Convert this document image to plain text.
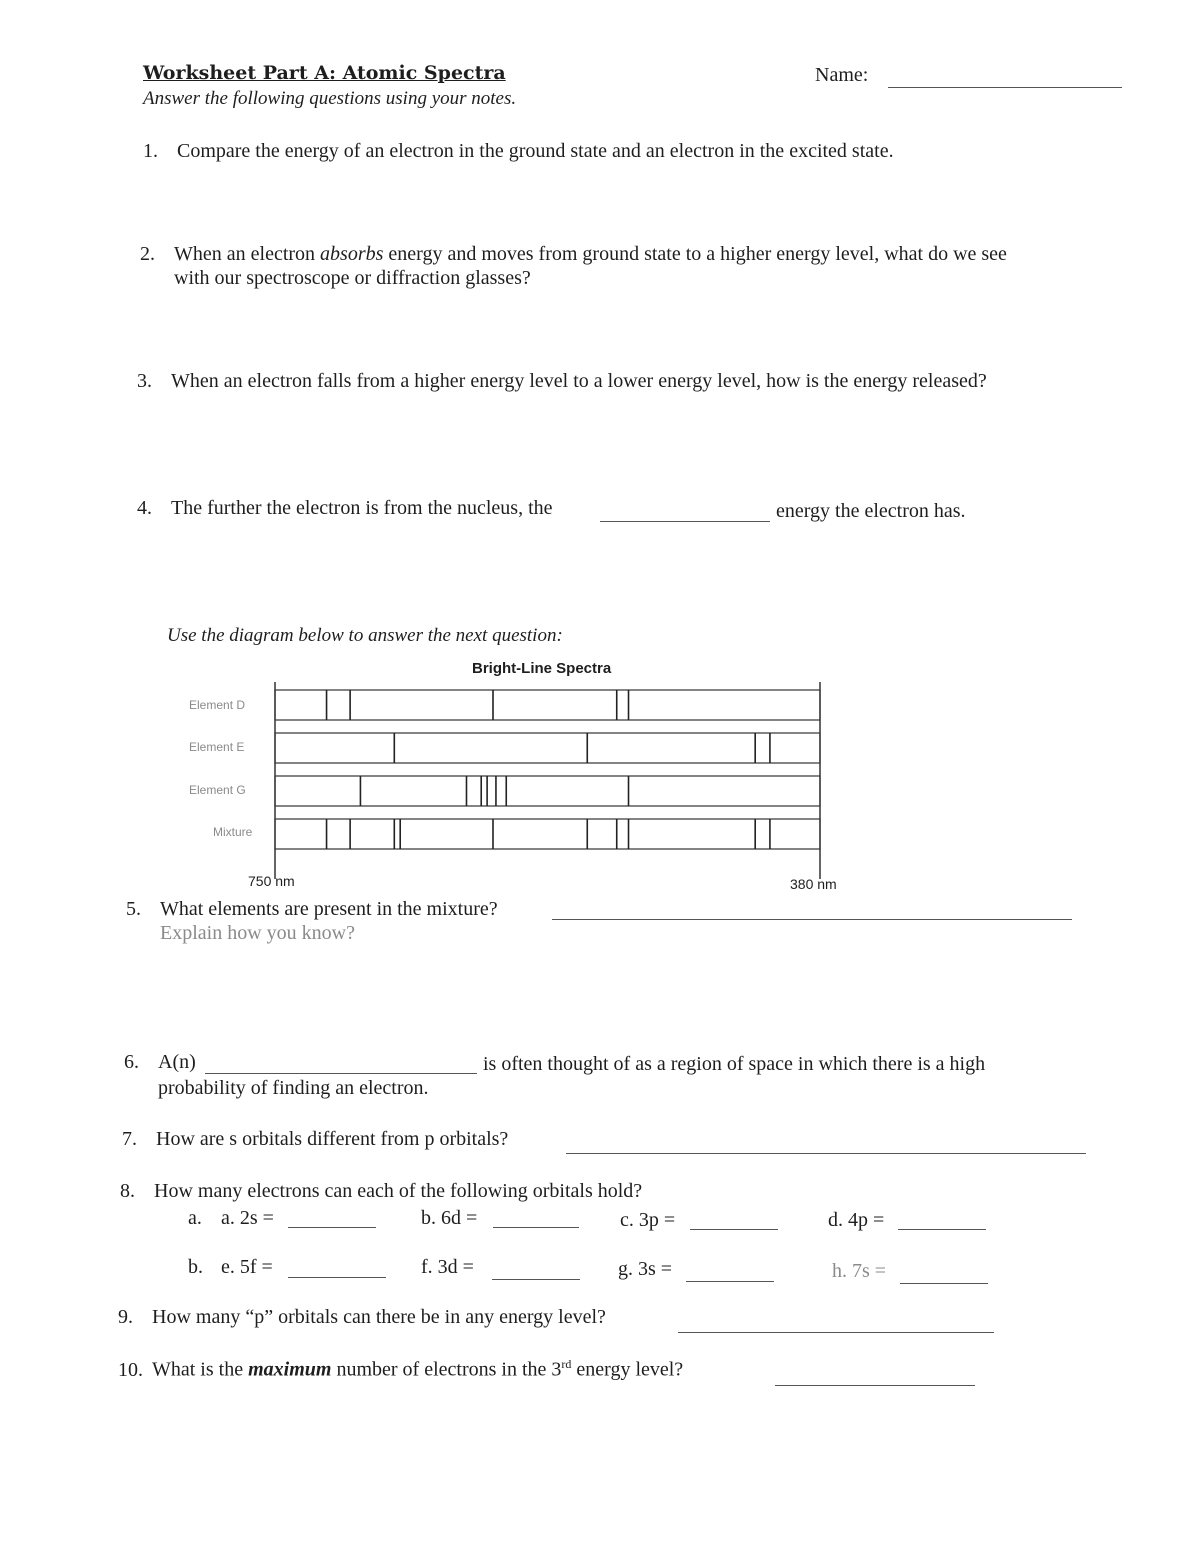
Worksheet Part A: Atomic Spectra
Answer the following questions using your notes.
Name:
1. Compare the energy of an electron in the ground state and an electron in the excited state.
2. When an electron absorbs energy and moves from ground state to a higher energy level, what do we see
with our spectroscope or diffraction glasses?
3. When an electron falls from a higher energy level to a lower energy level, how is the energy released?
4. The further the electron is from the nucleus, the	energy the electron has.
Use the diagram below to answer the next question:
Bright-Line Spectra
Element D
Element E
Element G
Mixture
750 nm	380 nm
5. What elements are present in the mixture?
Explain how you know?
6. A(n)	is often thought of as a region of space in which there is a high
probability of finding an electron.
7. How are s orbitals different from p orbitals?
8. How many electrons can each of the following orbitals hold?
a. a. 2s =	b. 6d =	c. 3p =	d. 4p =
b. e. 5f =	f. 3d =	g. 3s =	h. 7s =
9. How many “p” orbitals can there be in any energy level?
10. What is the maximum number of electrons in the 3rd energy level?
